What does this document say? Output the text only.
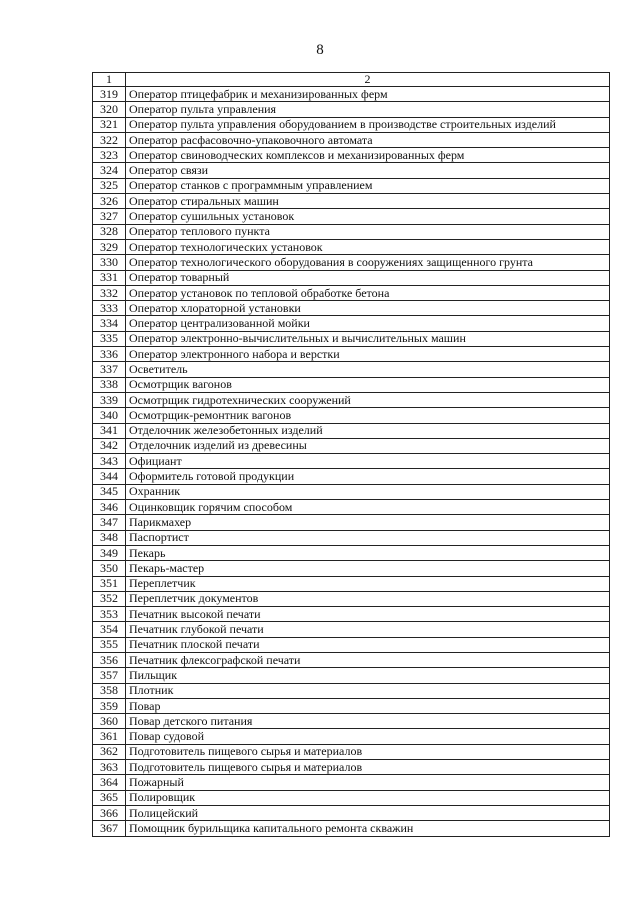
8
1	2
319	Оператор птицефабрик и механизированных ферм
320	Оператор пульта управления
321	Оператор пульта управления оборудованием в производстве строительных изделий
322	Оператор расфасовочно-упаковочного автомата
323	Оператор свиноводческих комплексов и механизированных ферм
324	Оператор связи
325	Оператор станков с программным управлением
326	Оператор стиральных машин
327	Оператор сушильных установок
328	Оператор теплового пункта
329	Оператор технологических установок
330	Оператор технологического оборудования в сооружениях защищенного грунта
331	Оператор товарный
332	Оператор установок по тепловой обработке бетона
333	Оператор хлораторной установки
334	Оператор централизованной мойки
335	Оператор электронно-вычислительных и вычислительных машин
336	Оператор электронного набора и верстки
337	Осветитель
338	Осмотрщик вагонов
339	Осмотрщик гидротехнических сооружений
340	Осмотрщик-ремонтник вагонов
341	Отделочник железобетонных изделий
342	Отделочник изделий из древесины
343	Официант
344	Оформитель готовой продукции
345	Охранник
346	Оцинковщик горячим способом
347	Парикмахер
348	Паспортист
349	Пекарь
350	Пекарь-мастер
351	Переплетчик
352	Переплетчик документов
353	Печатник высокой печати
354	Печатник глубокой печати
355	Печатник плоской печати
356	Печатник флексографской печати
357	Пильщик
358	Плотник
359	Повар
360	Повар детского питания
361	Повар судовой
362	Подготовитель пищевого сырья и материалов
363	Подготовитель пищевого сырья и материалов
364	Пожарный
365	Полировщик
366	Полицейский
367	Помощник бурильщика капитального ремонта скважин
